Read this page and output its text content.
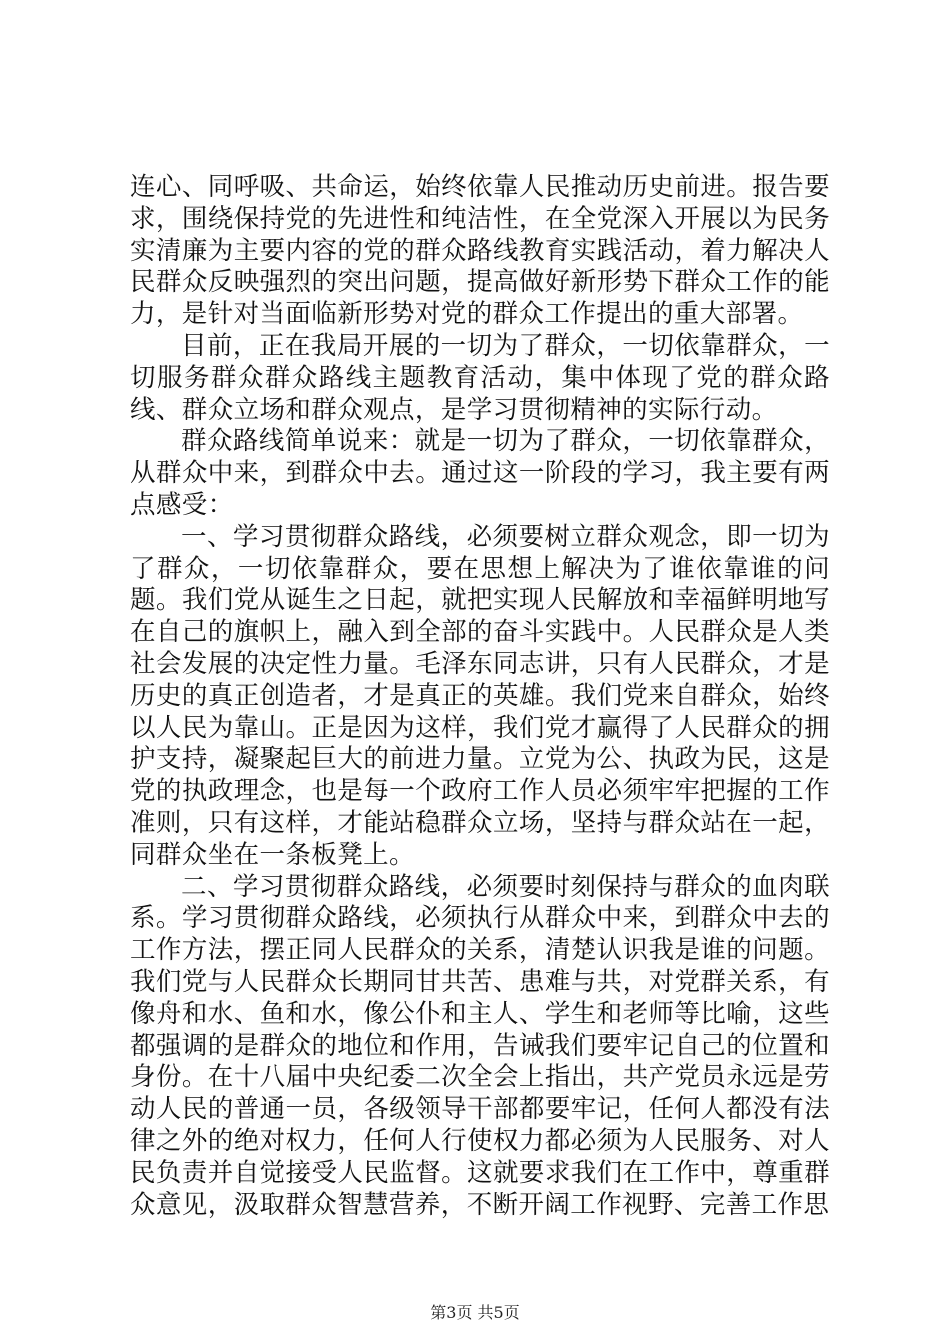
连心、同呼吸、共命运，始终依靠人民推动历史前进。报告要求，围绕保持党的先进性和纯洁性，在全党深入开展以为民务实清廉为主要内容的党的群众路线教育实践活动，着力解决人民群众反映强烈的突出问题，提高做好新形势下群众工作的能力，是针对当面临新形势对党的群众工作提出的重大部署。

目前，正在我局开展的一切为了群众，一切依靠群众，一切服务群众群众路线主题教育活动，集中体现了党的群众路线、群众立场和群众观点，是学习贯彻精神的实际行动。

群众路线简单说来：就是一切为了群众，一切依靠群众，从群众中来，到群众中去。通过这一阶段的学习，我主要有两点感受：

一、学习贯彻群众路线，必须要树立群众观念，即一切为了群众，一切依靠群众，要在思想上解决为了谁依靠谁的问题。我们党从诞生之日起，就把实现人民解放和幸福鲜明地写在自己的旗帜上，融入到全部的奋斗实践中。人民群众是人类社会发展的决定性力量。毛泽东同志讲，只有人民群众，才是历史的真正创造者，才是真正的英雄。我们党来自群众，始终以人民为靠山。正是因为这样，我们党才赢得了人民群众的拥护支持，凝聚起巨大的前进力量。立党为公、执政为民，这是党的执政理念，也是每一个政府工作人员必须牢牢把握的工作准则，只有这样，才能站稳群众立场，坚持与群众站在一起，同群众坐在一条板凳上。

二、学习贯彻群众路线，必须要时刻保持与群众的血肉联系。学习贯彻群众路线，必须执行从群众中来，到群众中去的工作方法，摆正同人民群众的关系，清楚认识我是谁的问题。我们党与人民群众长期同甘共苦、患难与共，对党群关系，有像舟和水、鱼和水，像公仆和主人、学生和老师等比喻，这些都强调的是群众的地位和作用，告诫我们要牢记自己的位置和身份。在十八届中央纪委二次全会上指出，共产党员永远是劳动人民的普通一员，各级领导干部都要牢记，任何人都没有法律之外的绝对权力，任何人行使权力都必须为人民服务、对人民负责并自觉接受人民监督。这就要求我们在工作中，尊重群众意见，汲取群众智慧营养，不断开阔工作视野、完善工作思

第3页 共5页
